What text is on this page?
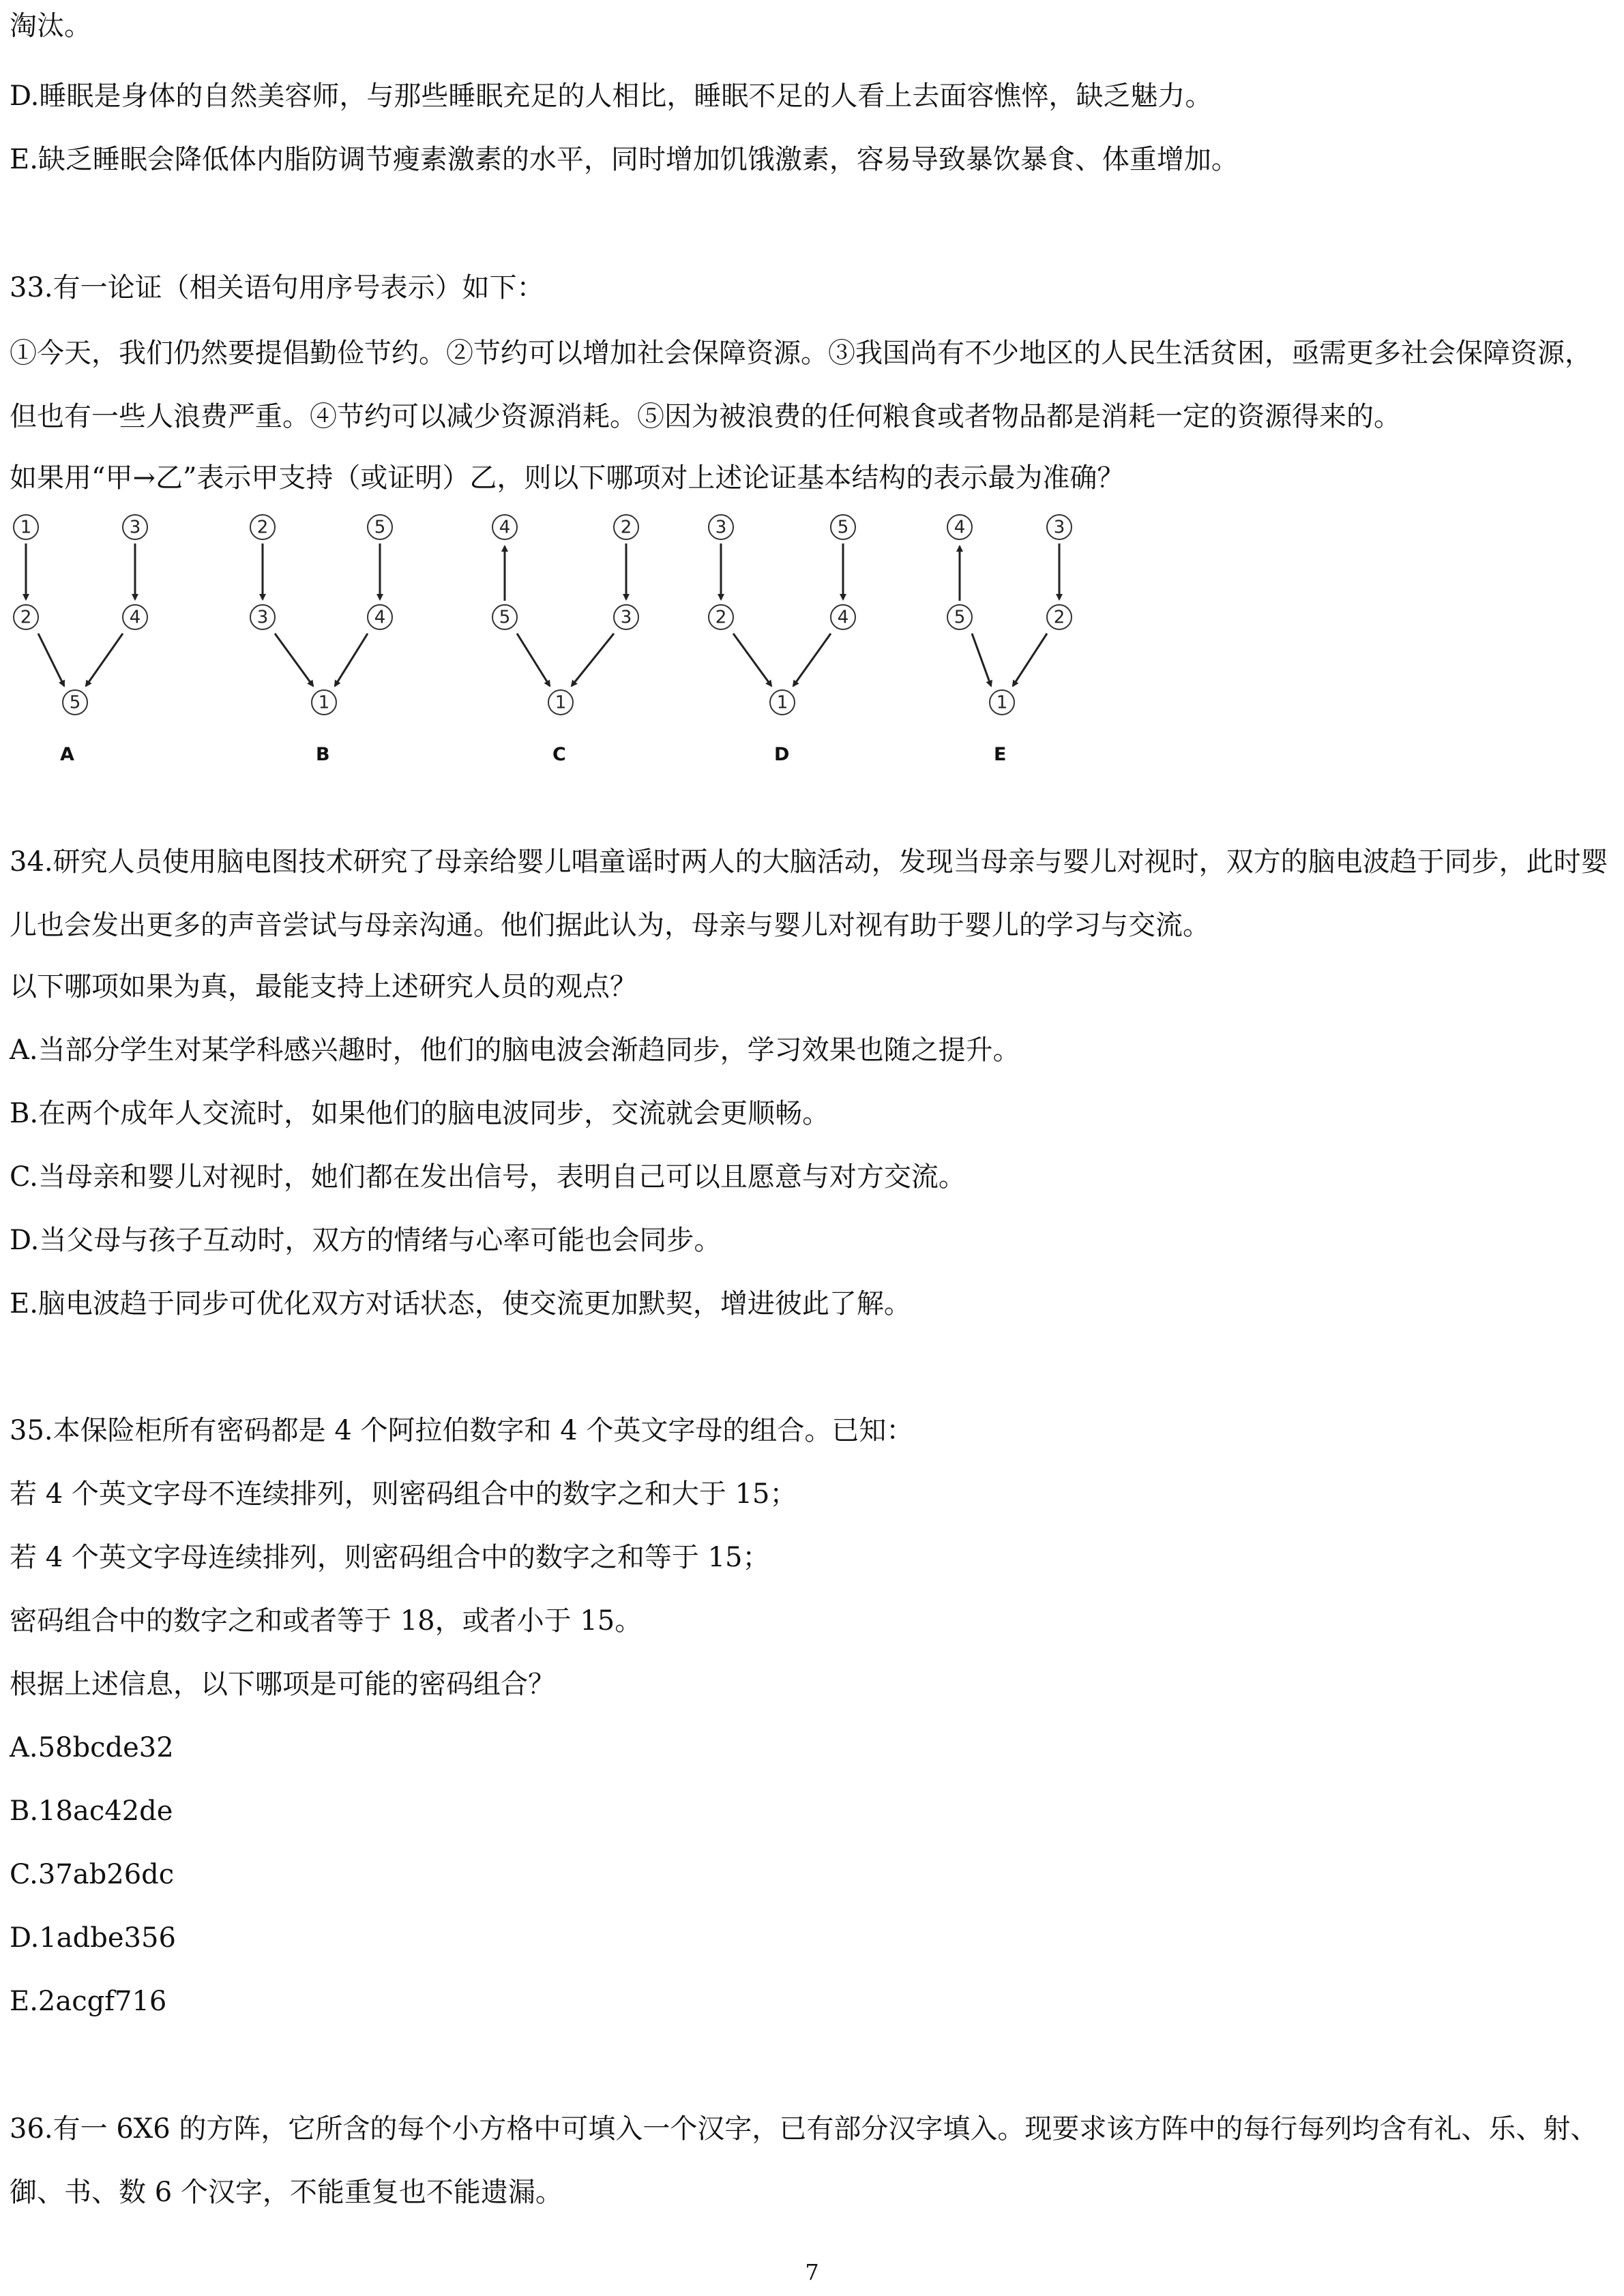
淘汰。
D.睡眠是身体的自然美容师，与那些睡眠充足的人相比，睡眠不足的人看上去面容憔悴，缺乏魅力。
E.缺乏睡眠会降低体内脂防调节瘦素激素的水平，同时增加饥饿激素，容易导致暴饮暴食、体重增加。
33.有一论证（相关语句用序号表示）如下：
①今天，我们仍然要提倡勤俭节约。②节约可以增加社会保障资源。③我国尚有不少地区的人民生活贫困，亟需更多社会保障资源，但也有一些人浪费严重。④节约可以减少资源消耗。⑤因为被浪费的任何粮食或者物品都是消耗一定的资源得来的。
如果用“甲→乙”表示甲支持（或证明）乙，则以下哪项对上述论证基本结构的表示最为准确？
1	3
2	4
5
A
2	5
3	4
1
B
4	2
5	3
1
C
3	5
2	4
1
D
4	3
5	2
1
E
34.研究人员使用脑电图技术研究了母亲给婴儿唱童谣时两人的大脑活动，发现当母亲与婴儿对视时，双方的脑电波趋于同步，此时婴儿也会发出更多的声音尝试与母亲沟通。他们据此认为，母亲与婴儿对视有助于婴儿的学习与交流。
以下哪项如果为真，最能支持上述研究人员的观点？
A.当部分学生对某学科感兴趣时，他们的脑电波会渐趋同步，学习效果也随之提升。
B.在两个成年人交流时，如果他们的脑电波同步，交流就会更顺畅。
C.当母亲和婴儿对视时，她们都在发出信号，表明自己可以且愿意与对方交流。
D.当父母与孩子互动时，双方的情绪与心率可能也会同步。
E.脑电波趋于同步可优化双方对话状态，使交流更加默契，增进彼此了解。
35.本保险柜所有密码都是 4 个阿拉伯数字和 4 个英文字母的组合。已知：
若 4 个英文字母不连续排列，则密码组合中的数字之和大于 15；
若 4 个英文字母连续排列，则密码组合中的数字之和等于 15；
密码组合中的数字之和或者等于 18，或者小于 15。
根据上述信息，以下哪项是可能的密码组合？
A.58bcde32
B.18ac42de
C.37ab26dc
D.1adbe356
E.2acgf716
36.有一 6X6 的方阵，它所含的每个小方格中可填入一个汉字，已有部分汉字填入。现要求该方阵中的每行每列均含有礼、乐、射、御、书、数 6 个汉字，不能重复也不能遗漏。
7
